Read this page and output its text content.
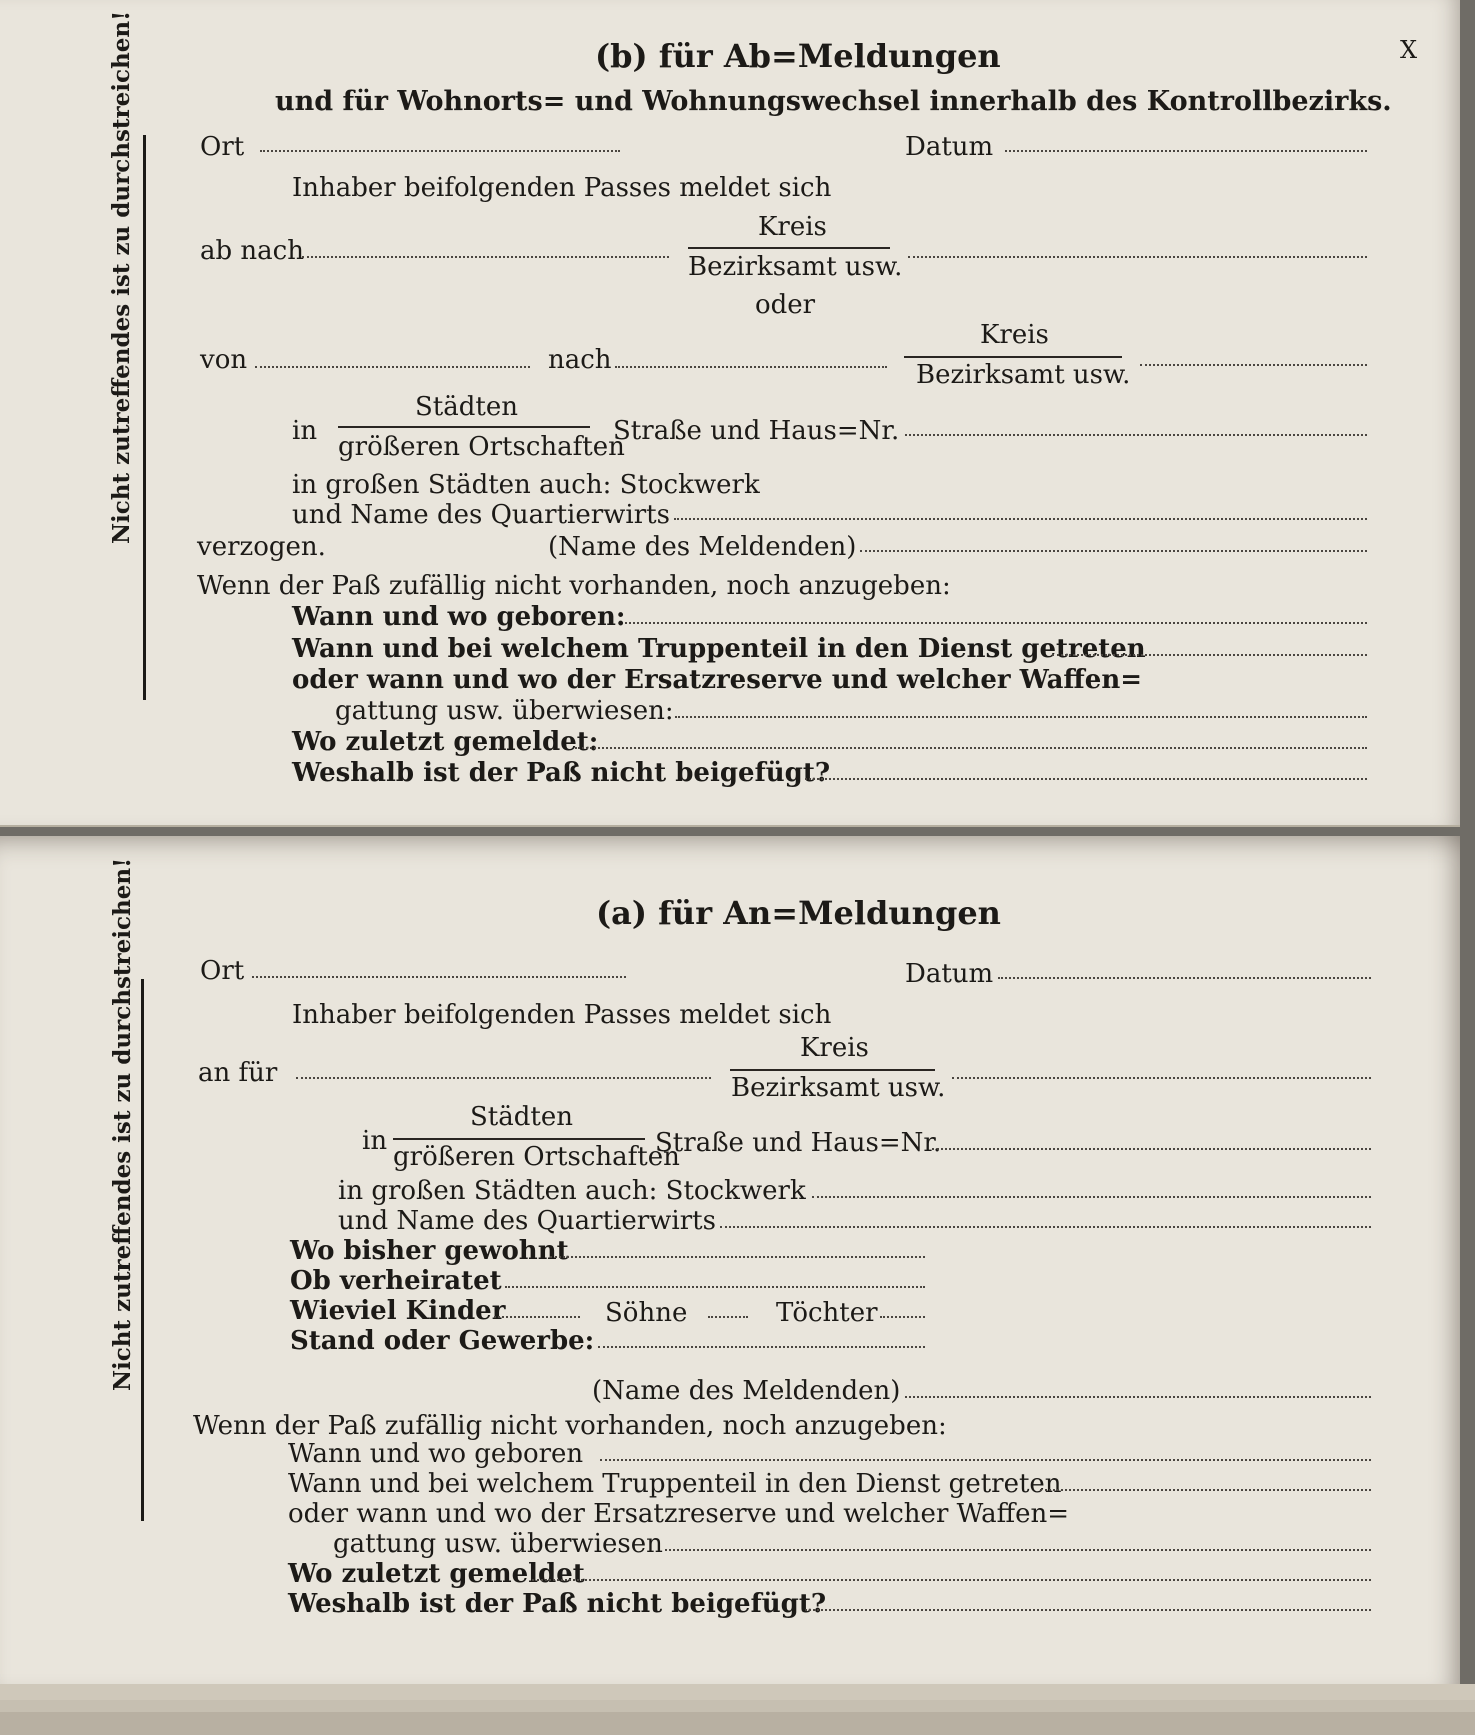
X
(b) für Ab=Meldungen
und für Wohnorts= und Wohnungswechsel innerhalb des Kontrollbezirks.
Nicht zutreffendes ist zu durchstreichen!	Ort	Datum
Inhaber beifolgenden Passes meldet sich
ab nach
Kreis
Bezirksamt usw.
oder
von	nach
Kreis
Bezirksamt usw.
in
Städten
größeren Ortschaften
Straße und Haus=Nr.
in großen Städten auch: Stockwerk
und Name des Quartierwirts
verzogen.	(Name des Meldenden)
Wenn der Paß zufällig nicht vorhanden, noch anzugeben:
Wann und wo geboren:
Wann und bei welchem Truppenteil in den Dienst getreten
oder wann und wo der Ersatzreserve und welcher Waffen=
gattung usw. überwiesen:
Wo zuletzt gemeldet:
Weshalb ist der Paß nicht beigefügt?
(a) für An=Meldungen
Nicht zutreffendes ist zu durchstreichen! Ort	Datum
Inhaber beifolgenden Passes meldet sich
an für
Kreis
Bezirksamt usw.
in
Städten
größeren Ortschaften
Straße und Haus=Nr.
in großen Städten auch: Stockwerk
und Name des Quartierwirts
Wo bisher gewohnt
Ob verheiratet
Wieviel Kinder	Söhne	Töchter
Stand oder Gewerbe:
(Name des Meldenden)
Wenn der Paß zufällig nicht vorhanden, noch anzugeben:
Wann und wo geboren
Wann und bei welchem Truppenteil in den Dienst getreten
oder wann und wo der Ersatzreserve und welcher Waffen=
gattung usw. überwiesen
Wo zuletzt gemeldet
Weshalb ist der Paß nicht beigefügt?
